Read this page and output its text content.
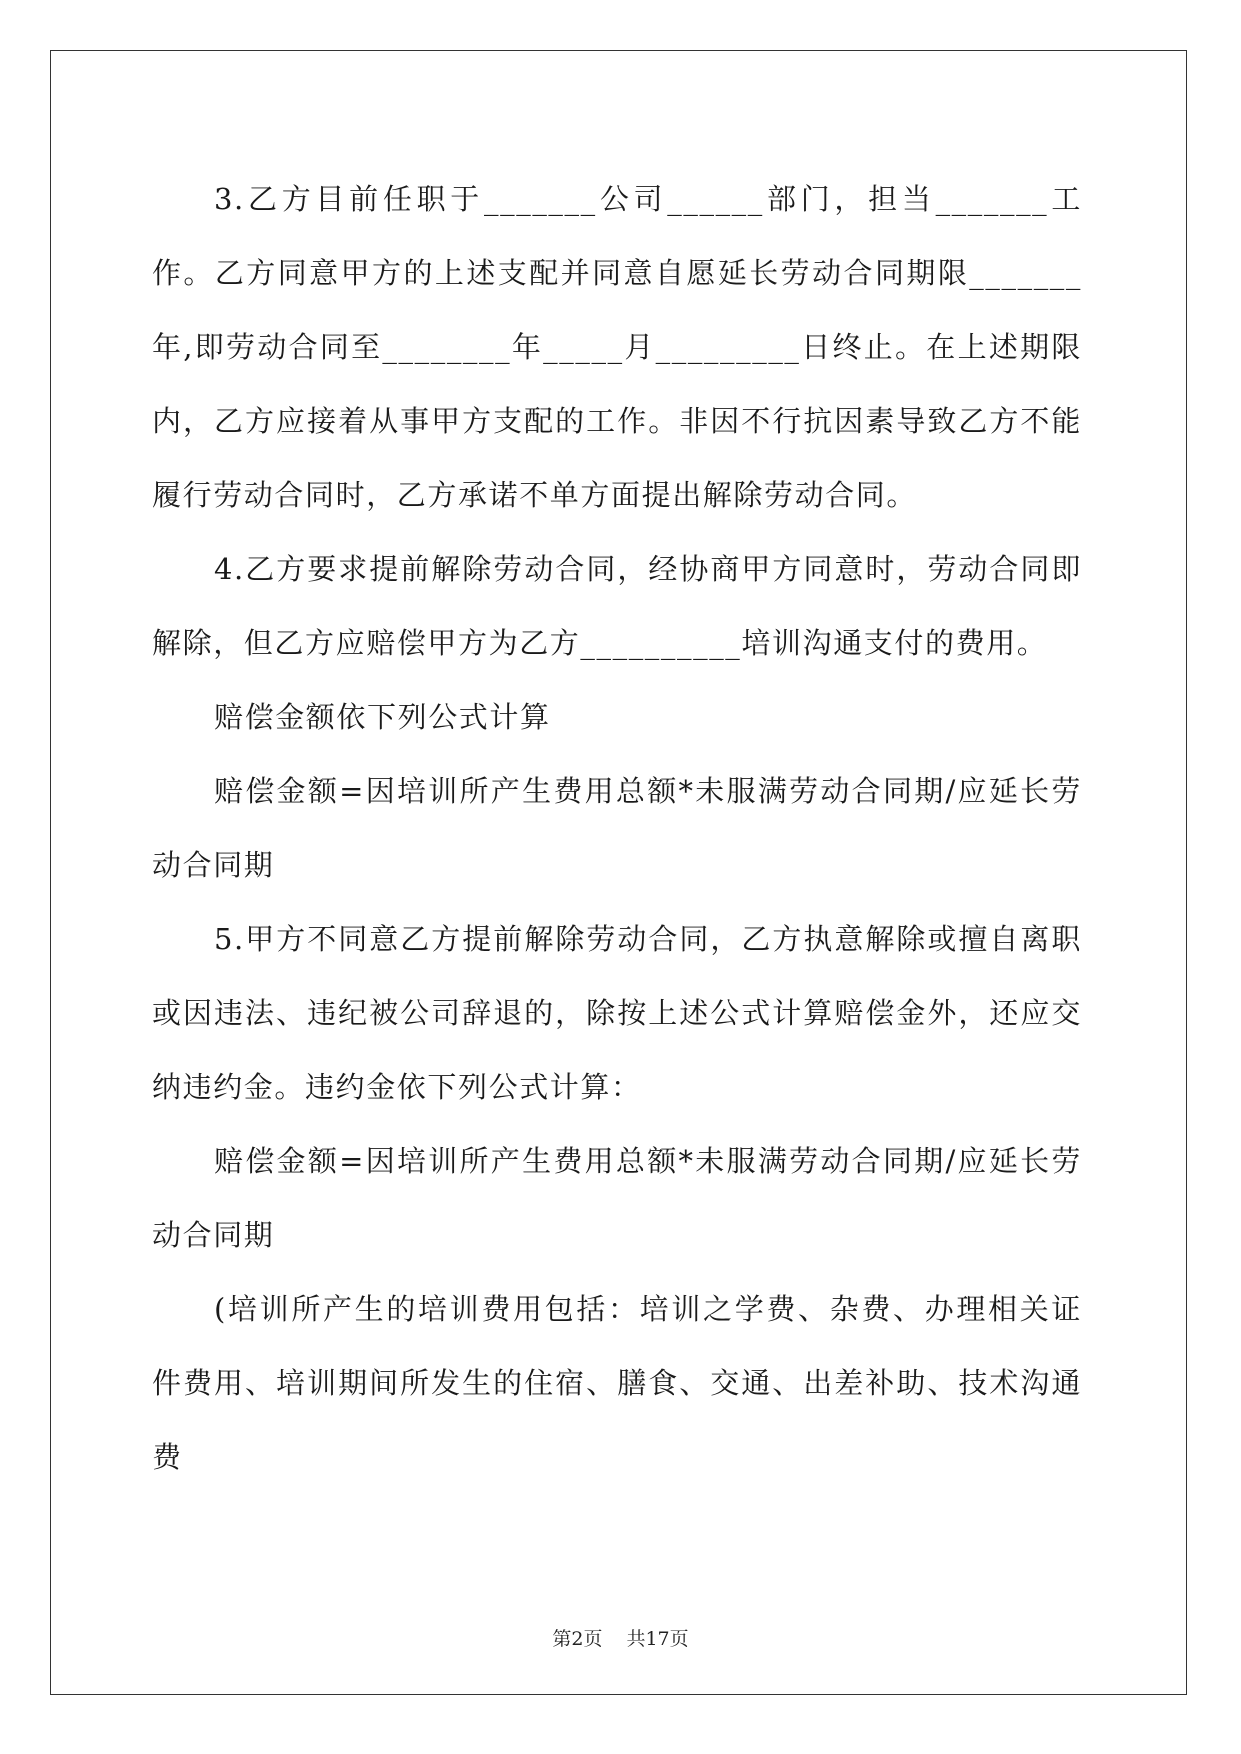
3.乙方目前任职于_______公司______部门，担当_______工作。乙方同意甲方的上述支配并同意自愿延长劳动合同期限_______年,即劳动合同至________年_____月_________日终止。在上述期限内，乙方应接着从事甲方支配的工作。非因不行抗因素导致乙方不能履行劳动合同时，乙方承诺不单方面提出解除劳动合同。

4.乙方要求提前解除劳动合同，经协商甲方同意时，劳动合同即解除，但乙方应赔偿甲方为乙方__________培训沟通支付的费用。

赔偿金额依下列公式计算

赔偿金额=因培训所产生费用总额*未服满劳动合同期/应延长劳动合同期

5.甲方不同意乙方提前解除劳动合同，乙方执意解除或擅自离职或因违法、违纪被公司辞退的，除按上述公式计算赔偿金外，还应交纳违约金。违约金依下列公式计算：

赔偿金额=因培训所产生费用总额*未服满劳动合同期/应延长劳动合同期

(培训所产生的培训费用包括：培训之学费、杂费、办理相关证件费用、培训期间所发生的住宿、膳食、交通、出差补助、技术沟通费

第2页 共17页
